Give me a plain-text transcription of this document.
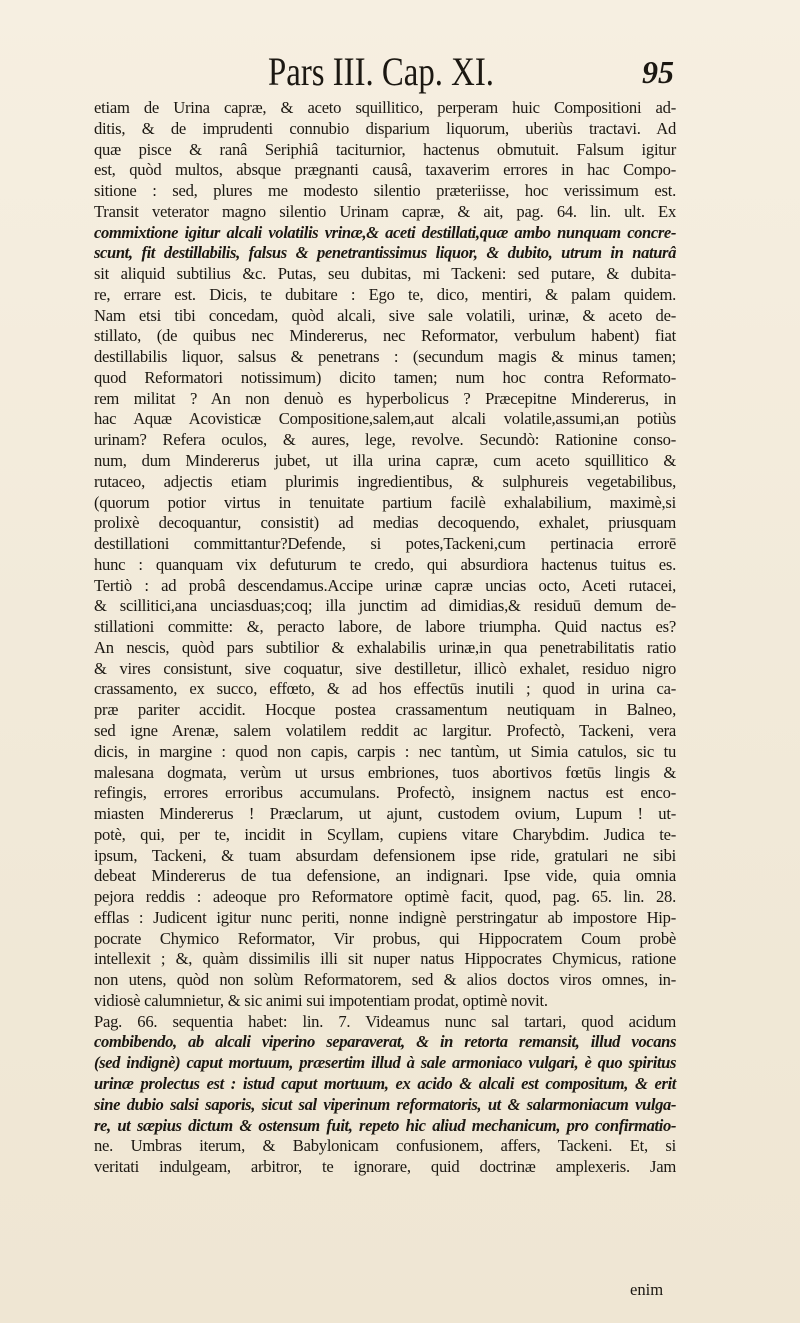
Pars III. Cap. XI.	95
etiam de Urina capræ, & aceto squillitico, perperam huic Compositioni ad-
ditis, & de imprudenti connubio disparium liquorum, uberiùs tractavi. Ad
quæ pisce & ranâ Seriphiâ taciturnior, hactenus obmutuit. Falsum igitur
est, quòd multos, absque prægnanti causâ, taxaverim errores in hac Compo-
sitione : sed, plures me modesto silentio præteriisse, hoc verissimum est.
Transit veterator magno silentio Urinam capræ, & ait, pag. 64. lin. ult. Ex
commixtione igitur alcali volatilis vrinæ,& aceti destillati,quæ ambo nunquam concre-
scunt, fit destillabilis, falsus & penetrantissimus liquor, & dubito, utrum in naturâ
sit aliquid subtilius &c. Putas, seu dubitas, mi Tackeni: sed putare, & dubita-
re, errare est. Dicis, te dubitare : Ego te, dico, mentiri, & palam quidem.
Nam etsi tibi concedam, quòd alcali, sive sale volatili, urinæ, & aceto de-
stillato, (de quibus nec Mindererus, nec Reformator, verbulum habent) fiat
destillabilis liquor, salsus & penetrans : (secundum magis & minus tamen;
quod Reformatori notissimum) dicito tamen; num hoc contra Reformato-
rem militat ? An non denuò es hyperbolicus ? Præcepitne Mindererus, in
hac Aquæ Acovisticæ Compositione,salem,aut alcali volatile,assumi,an potiùs
urinam? Refera oculos, & aures, lege, revolve. Secundò: Rationine conso-
num, dum Mindererus jubet, ut illa urina capræ, cum aceto squillitico &
rutaceo, adjectis etiam plurimis ingredientibus, & sulphureis vegetabilibus,
(quorum potior virtus in tenuitate partium facilè exhalabilium, maximè,si
prolixè decoquantur, consistit) ad medias decoquendo, exhalet, priusquam
destillationi committantur?Defende, si potes,Tackeni,cum pertinacia errorē
hunc : quanquam vix defuturum te credo, qui absurdiora hactenus tuitus es.
Tertiò : ad probâ descendamus.Accipe urinæ capræ uncias octo, Aceti rutacei,
& scillitici,ana unciasduas;coq; illa junctim ad dimidias,& residuū demum de-
stillationi committe: &, peracto labore, de labore triumpha. Quid nactus es?
An nescis, quòd pars subtilior & exhalabilis urinæ,in qua penetrabilitatis ratio
& vires consistunt, sive coquatur, sive destilletur, illicò exhalet, residuo nigro
crassamento, ex succo, effœto, & ad hos effectūs inutili ; quod in urina ca-
præ pariter accidit. Hocque postea crassamentum neutiquam in Balneo,
sed igne Arenæ, salem volatilem reddit ac largitur. Profectò, Tackeni, vera
dicis, in margine : quod non capis, carpis : nec tantùm, ut Simia catulos, sic tu
malesana dogmata, verùm ut ursus embriones, tuos abortivos fœtūs lingis &
refingis, errores erroribus accumulans. Profectò, insignem nactus est enco-
miasten Mindererus ! Præclarum, ut ajunt, custodem ovium, Lupum ! ut-
potè, qui, per te, incidit in Scyllam, cupiens vitare Charybdim. Judica te-
ipsum, Tackeni, & tuam absurdam defensionem ipse ride, gratulari ne sibi
debeat Mindererus de tua defensione, an indignari. Ipse vide, quia omnia
pejora reddis : adeoque pro Reformatore optimè facit, quod, pag. 65. lin. 28.
efflas : Judicent igitur nunc periti, nonne indignè perstringatur ab impostore Hip-
pocrate Chymico Reformator, Vir probus, qui Hippocratem Coum probè
intellexit ; &, quàm dissimilis illi sit nuper natus Hippocrates Chymicus, ratione
non utens, quòd non solùm Reformatorem, sed & alios doctos viros omnes, in-
vidiosè calumnietur, & sic animi sui impotentiam prodat, optimè novit.
Pag. 66. sequentia habet: lin. 7. Videamus nunc sal tartari, quod acidum
combibendo, ab alcali viperino separaverat, & in retorta remansit, illud vocans
(sed indignè) caput mortuum, præsertim illud à sale armoniaco vulgari, è quo spiritus
urinæ prolectus est : istud caput mortuum, ex acido & alcali est compositum, & erit
sine dubio salsi saporis, sicut sal viperinum reformatoris, ut & salarmoniacum vulga-
re, ut sæpius dictum & ostensum fuit, repeto hic aliud mechanicum, pro confirmatio-
ne. Umbras iterum, & Babylonicam confusionem, affers, Tackeni. Et, si
veritati indulgeam, arbitror, te ignorare, quid doctrinæ amplexeris. Jam
enim
